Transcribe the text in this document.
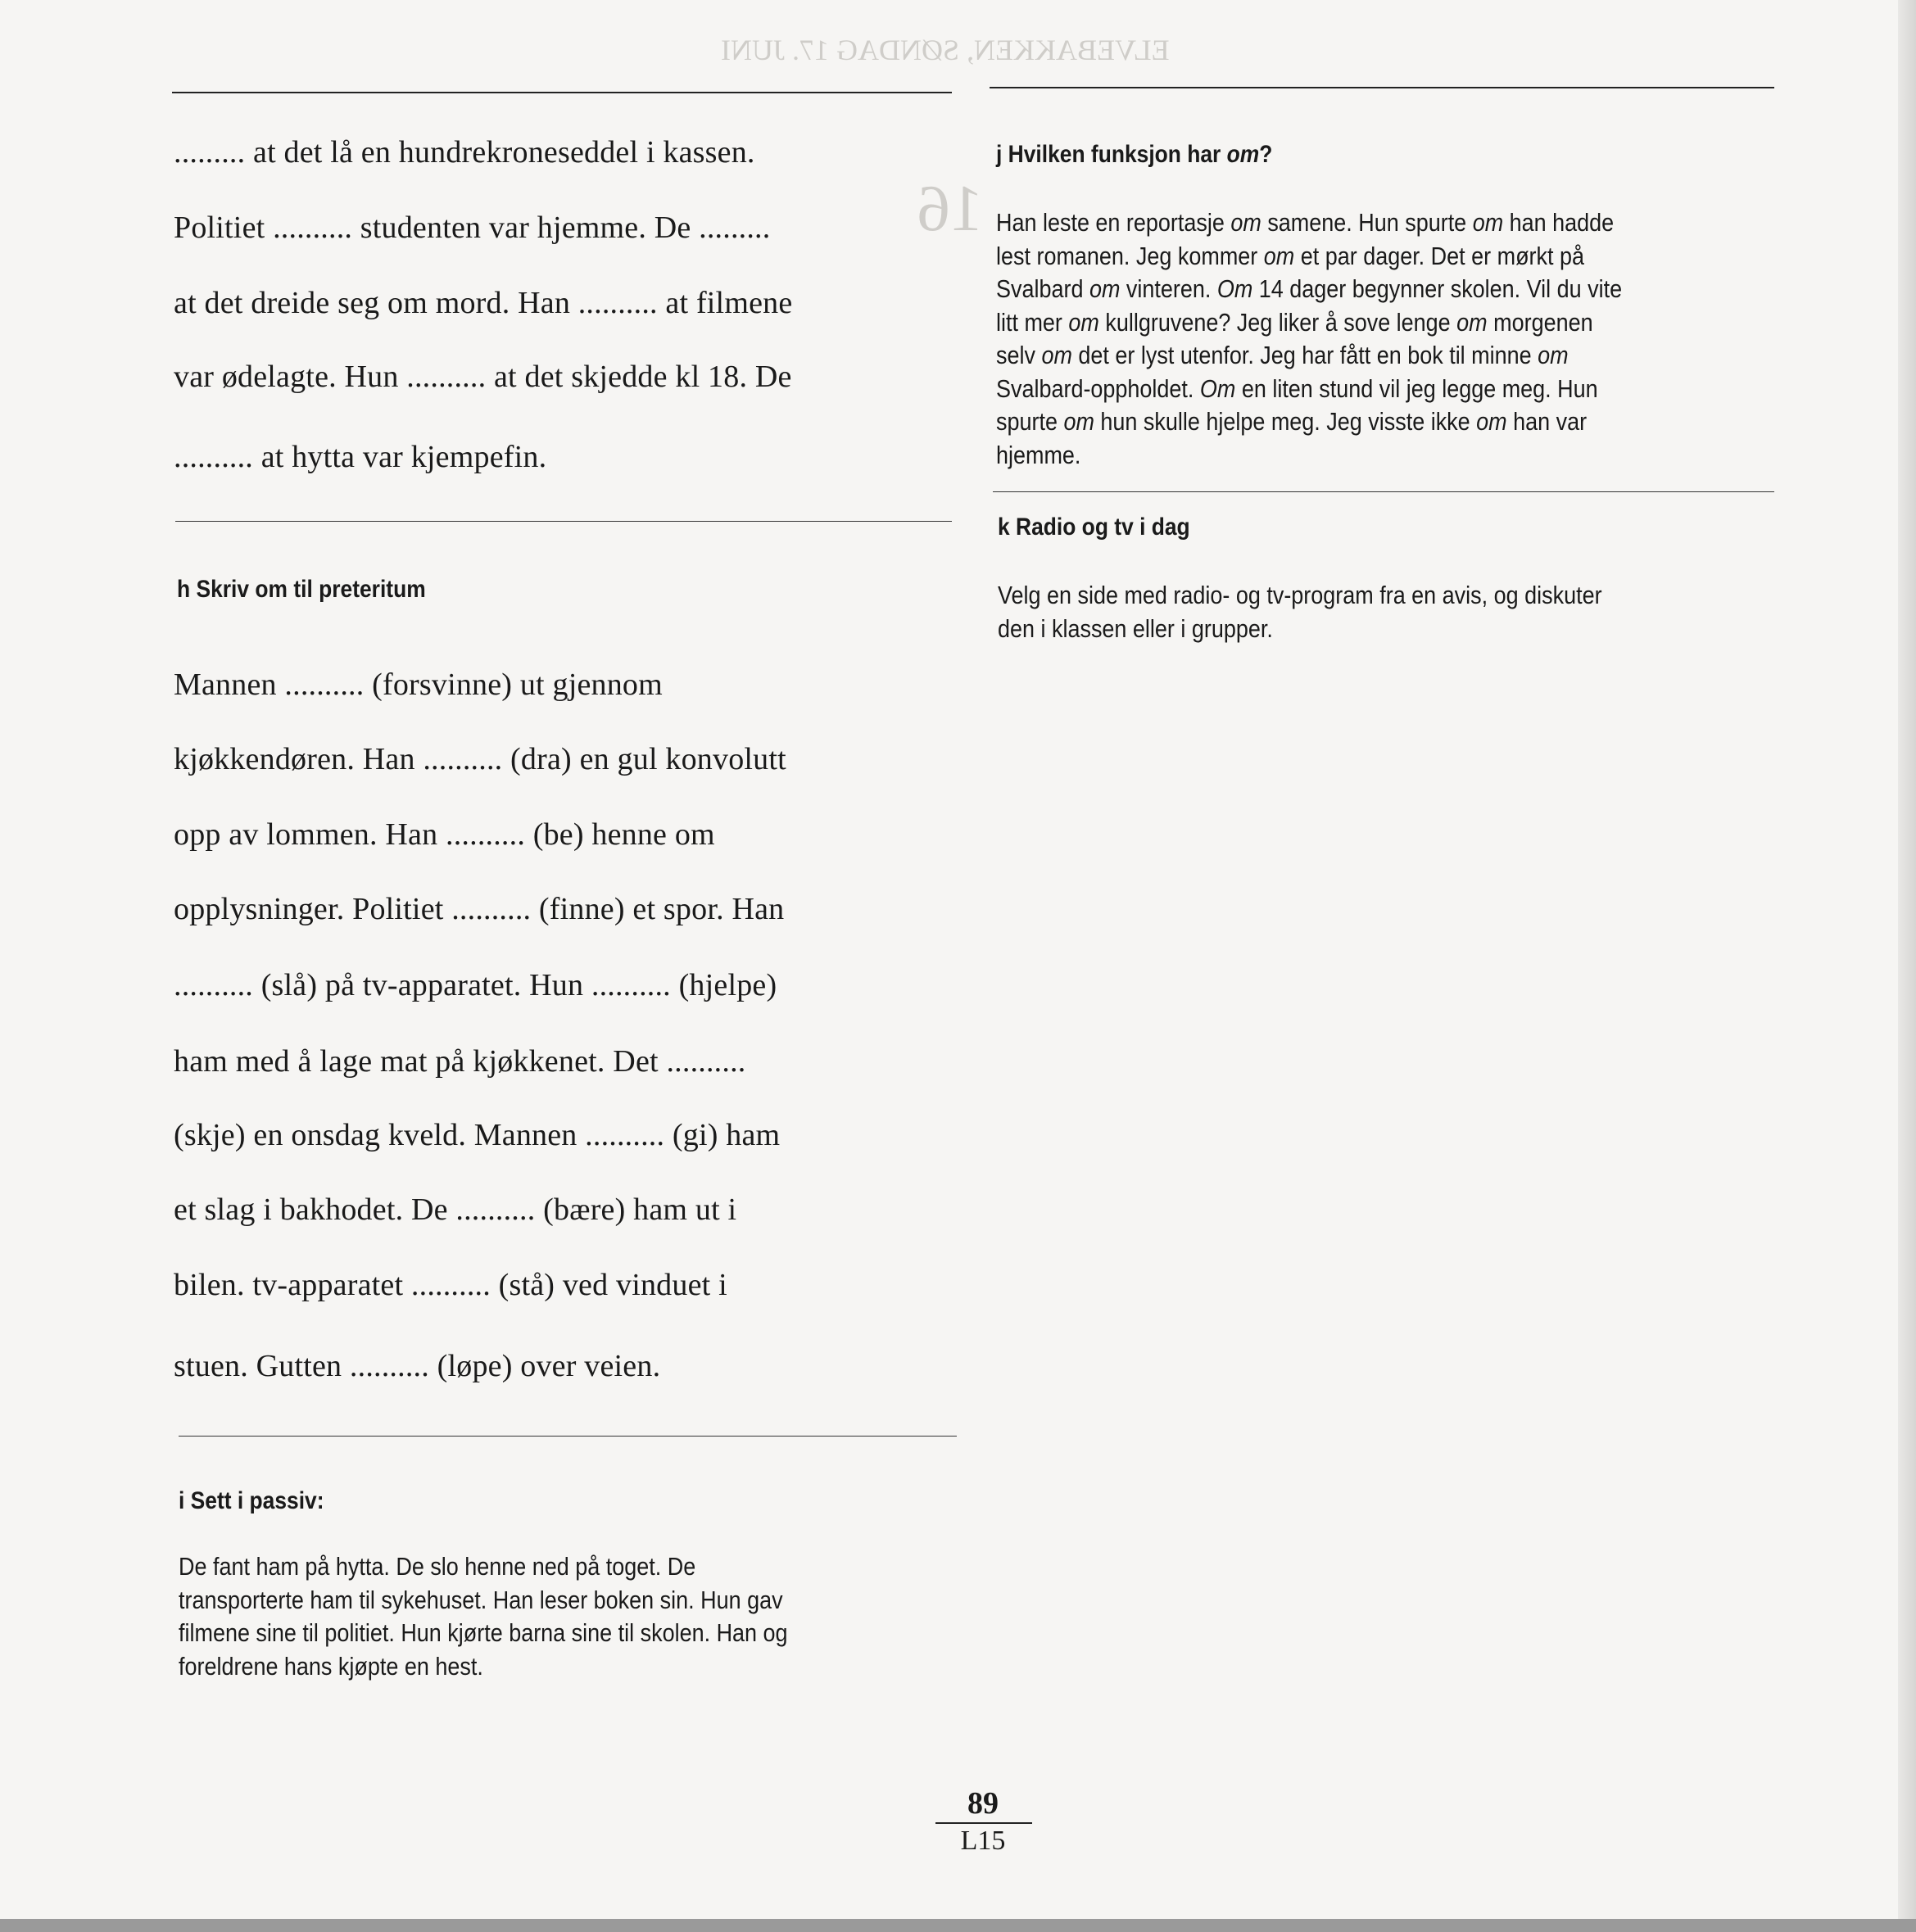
ELVEBAKKEN, SØNDAG 17. JUNI
16
......... at det lå en hundrekroneseddel i kassen.
Politiet .......... studenten var hjemme. De .........
at det dreide seg om mord. Han .......... at filmene
var ødelagte. Hun .......... at det skjedde kl 18. De
.......... at hytta var kjempefin.
h Skriv om til preteritum
Mannen .......... (forsvinne) ut gjennom
kjøkkendøren. Han .......... (dra) en gul konvolutt
opp av lommen. Han .......... (be) henne om
opplysninger. Politiet .......... (finne) et spor. Han
.......... (slå) på tv-apparatet. Hun .......... (hjelpe)
ham med å lage mat på kjøkkenet. Det ..........
(skje) en onsdag kveld. Mannen .......... (gi) ham
et slag i bakhodet. De .......... (bære) ham ut i
bilen. tv-apparatet .......... (stå) ved vinduet i
stuen. Gutten .......... (løpe) over veien.
i Sett i passiv:
De fant ham på hytta. De slo henne ned på toget. De
transporterte ham til sykehuset. Han leser boken sin. Hun gav
filmene sine til politiet. Hun kjørte barna sine til skolen. Han og
foreldrene hans kjøpte en hest.
j Hvilken funksjon har om?
Han leste en reportasje om samene. Hun spurte om han hadde
lest romanen. Jeg kommer om et par dager. Det er mørkt på
Svalbard om vinteren. Om 14 dager begynner skolen. Vil du vite
litt mer om kullgruvene? Jeg liker å sove lenge om morgenen
selv om det er lyst utenfor. Jeg har fått en bok til minne om
Svalbard-oppholdet. Om en liten stund vil jeg legge meg. Hun
spurte om hun skulle hjelpe meg. Jeg visste ikke om han var
hjemme.
k Radio og tv i dag
Velg en side med radio- og tv-program fra en avis, og diskuter
den i klassen eller i grupper.
89
L15
